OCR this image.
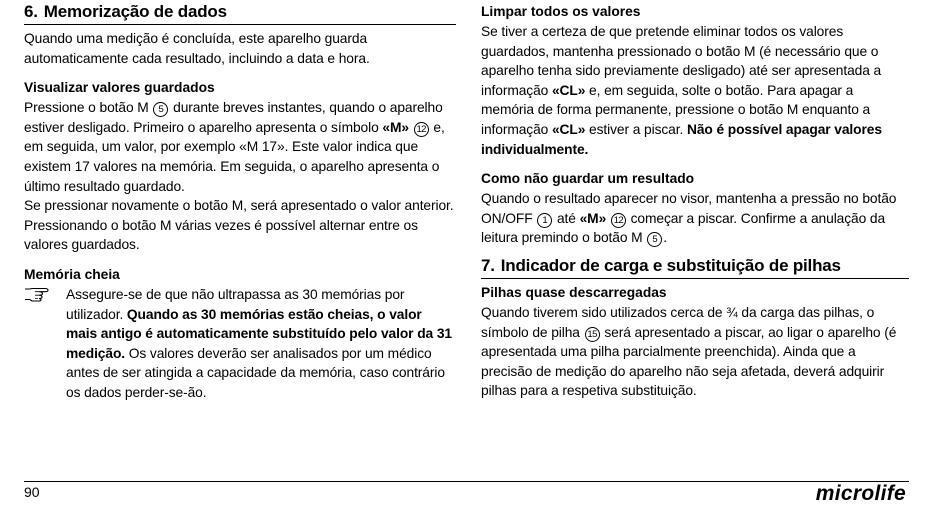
6. Memorização de dados

Quando uma medição é concluída, este aparelho guarda automaticamente cada resultado, incluindo a data e hora.

Visualizar valores guardados

Pressione o botão M 5 durante breves instantes, quando o aparelho estiver desligado. Primeiro o aparelho apresenta o símbolo «M» 12 e, em seguida, um valor, por exemplo «M 17». Este valor indica que existem 17 valores na memória. Em seguida, o aparelho apresenta o último resultado guardado.

Se pressionar novamente o botão M, será apresentado o valor anterior. Pressionando o botão M várias vezes é possível alternar entre os valores guardados.

Memória cheia

Assegure-se de que não ultrapassa as 30 memórias por utilizador. Quando as 30 memórias estão cheias, o valor mais antigo é automaticamente substituído pelo valor da 31 medição. Os valores deverão ser analisados por um médico antes de ser atingida a capacidade da memória, caso contrário os dados perder-se-ão.

Limpar todos os valores

Se tiver a certeza de que pretende eliminar todos os valores guardados, mantenha pressionado o botão M (é necessário que o aparelho tenha sido previamente desligado) até ser apresentada a informação «CL» e, em seguida, solte o botão. Para apagar a memória de forma permanente, pressione o botão M enquanto a informação «CL» estiver a piscar. Não é possível apagar valores individualmente.

Como não guardar um resultado

Quando o resultado aparecer no visor, mantenha a pressão no botão ON/OFF 1 até «M» 12 começar a piscar. Confirme a anulação da leitura premindo o botão M 5 .

7. Indicador de carga e substituição de pilhas
Pilhas quase descarregadas

Quando tiverem sido utilizados cerca de ¾ da carga das pilhas, o símbolo de pilha 15 será apresentado a piscar, ao ligar o aparelho (é apresentada uma pilha parcialmente preenchida). Ainda que a precisão de medição do aparelho não seja afetada, deverá adquirir pilhas para a respetiva substituição.

90	microlife
